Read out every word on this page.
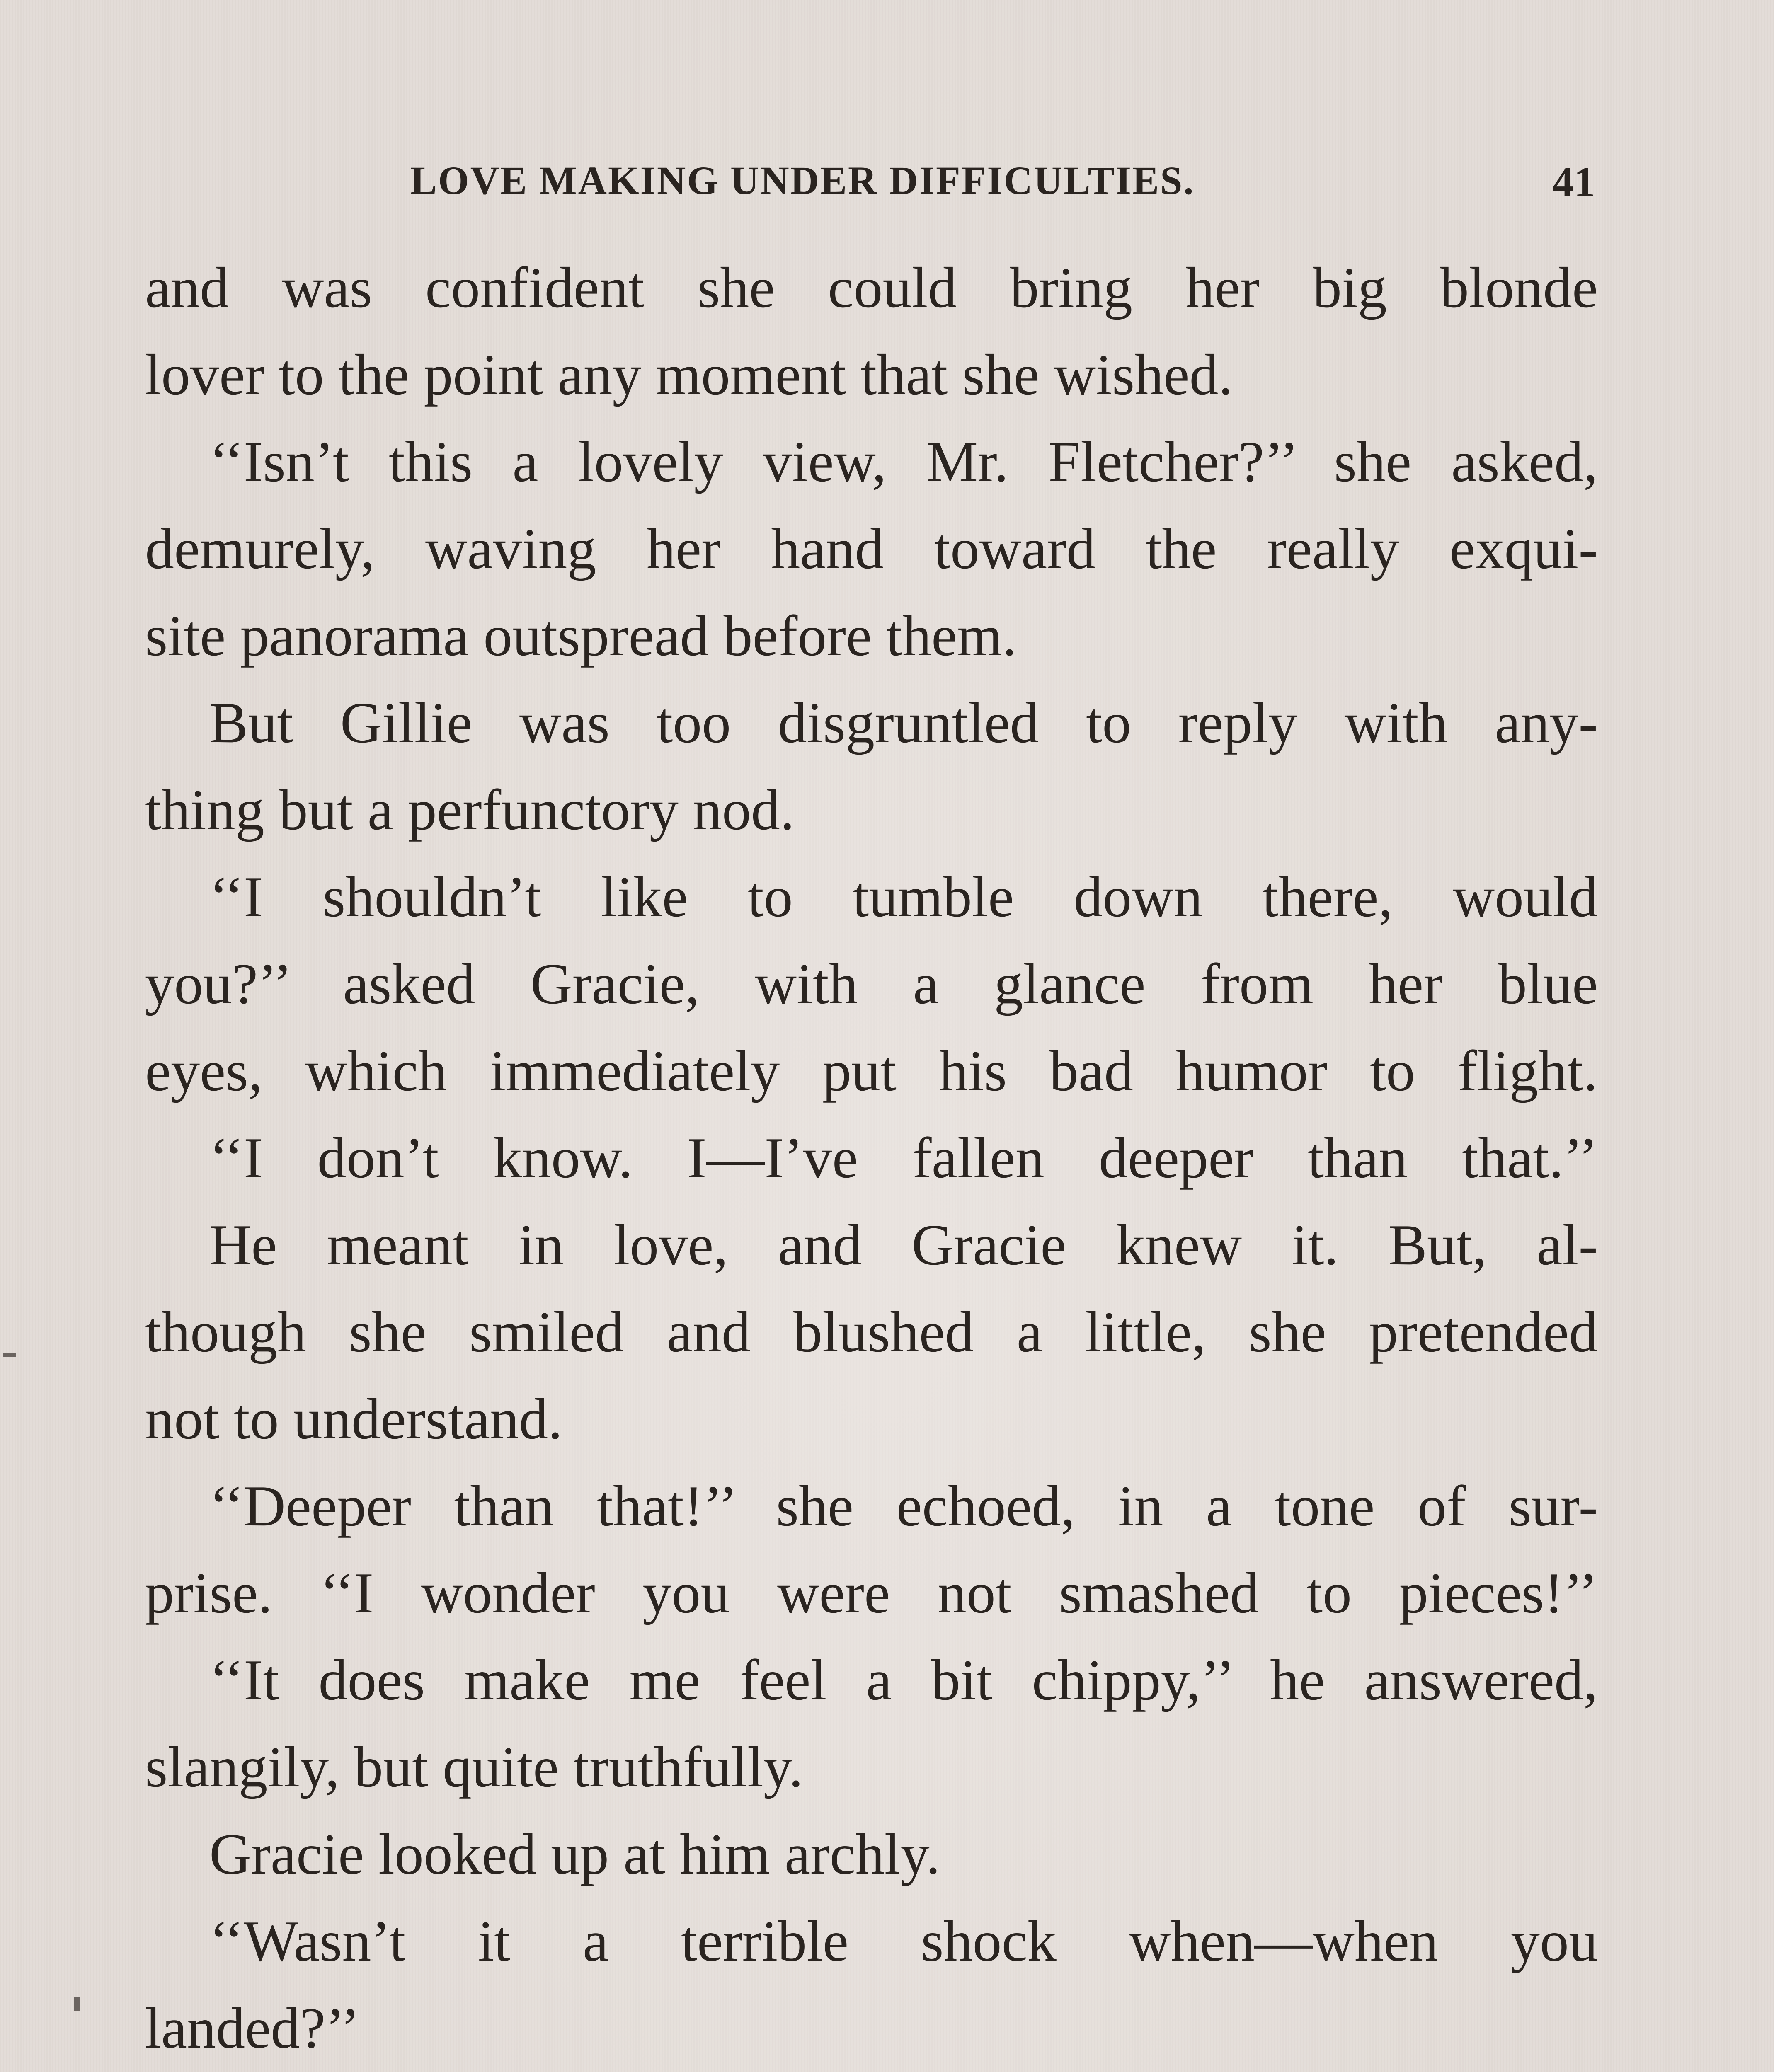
LOVE MAKING UNDER DIFFICULTIES.	41
and was confident she could bring her big blonde
lover to the point any moment that she wished.
‘‘Isn’t this a lovely view, Mr. Fletcher?’’ she asked,
demurely, waving her hand toward the really exqui-
site panorama outspread before them.
But Gillie was too disgruntled to reply with any-
thing but a perfunctory nod.
‘‘I shouldn’t like to tumble down there, would
you?’’ asked Gracie, with a glance from her blue
eyes, which immediately put his bad humor to flight.
‘‘I don’t know. I—I’ve fallen deeper than that.’’
He meant in love, and Gracie knew it. But, al-
though she smiled and blushed a little, she pretended
not to understand.
‘‘Deeper than that!’’ she echoed, in a tone of sur-
prise. ‘‘I wonder you were not smashed to pieces!’’
‘‘It does make me feel a bit chippy,’’ he answered,
slangily, but quite truthfully.
Gracie looked up at him archly.
‘‘Wasn’t it a terrible shock when—when you
landed?’’
